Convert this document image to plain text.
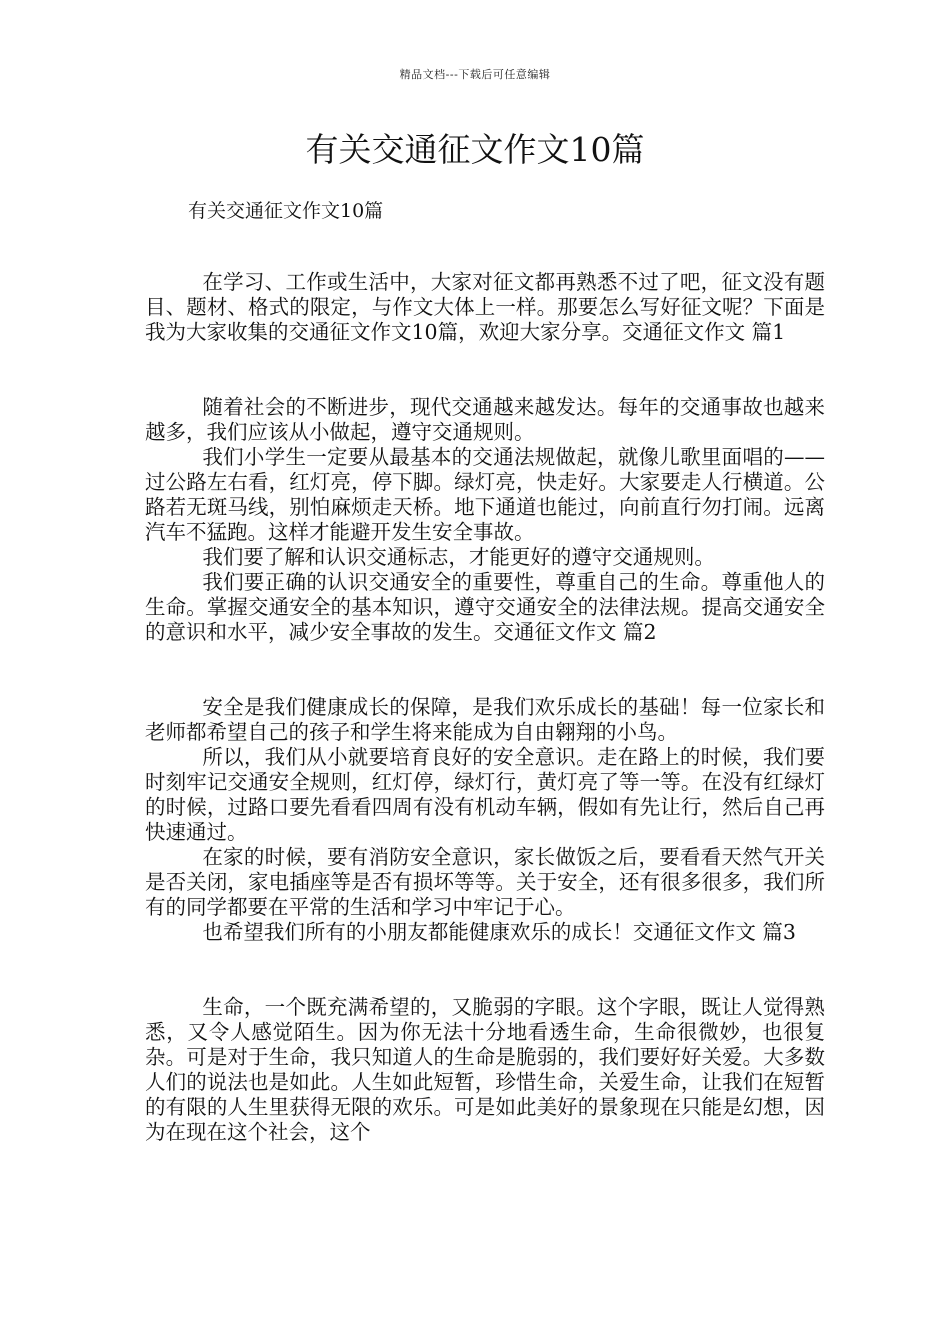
精品文档---下载后可任意编辑
有关交通征文作文10篇
有关交通征文作文10篇

在学习、工作或生活中，大家对征文都再熟悉不过了吧，征文没有题目、题材、格式的限定，与作文大体上一样。那要怎么写好征文呢？下面是我为大家收集的交通征文作文10篇，欢迎大家分享。交通征文作文 篇1

随着社会的不断进步，现代交通越来越发达。每年的交通事故也越来越多，我们应该从小做起，遵守交通规则。

我们小学生一定要从最基本的交通法规做起，就像儿歌里面唱的——过公路左右看，红灯亮，停下脚。绿灯亮，快走好。大家要走人行横道。公路若无斑马线，别怕麻烦走天桥。地下通道也能过，向前直行勿打闹。远离汽车不猛跑。这样才能避开发生安全事故。

我们要了解和认识交通标志，才能更好的遵守交通规则。

我们要正确的认识交通安全的重要性，尊重自己的生命。尊重他人的生命。掌握交通安全的基本知识，遵守交通安全的法律法规。提高交通安全的意识和水平，减少安全事故的发生。交通征文作文 篇2

安全是我们健康成长的保障，是我们欢乐成长的基础！每一位家长和老师都希望自己的孩子和学生将来能成为自由翱翔的小鸟。

所以，我们从小就要培育良好的安全意识。走在路上的时候，我们要时刻牢记交通安全规则，红灯停，绿灯行，黄灯亮了等一等。在没有红绿灯的时候，过路口要先看看四周有没有机动车辆，假如有先让行，然后自己再快速通过。

在家的时候，要有消防安全意识，家长做饭之后，要看看天然气开关是否关闭，家电插座等是否有损坏等等。关于安全，还有很多很多，我们所有的同学都要在平常的生活和学习中牢记于心。

也希望我们所有的小朋友都能健康欢乐的成长！交通征文作文 篇3

生命，一个既充满希望的，又脆弱的字眼。这个字眼，既让人觉得熟悉，又令人感觉陌生。因为你无法十分地看透生命，生命很微妙，也很复杂。可是对于生命，我只知道人的生命是脆弱的，我们要好好关爱。大多数人们的说法也是如此。人生如此短暂，珍惜生命，关爱生命，让我们在短暂的有限的人生里获得无限的欢乐。可是如此美好的景象现在只能是幻想，因为在现在这个社会，这个
